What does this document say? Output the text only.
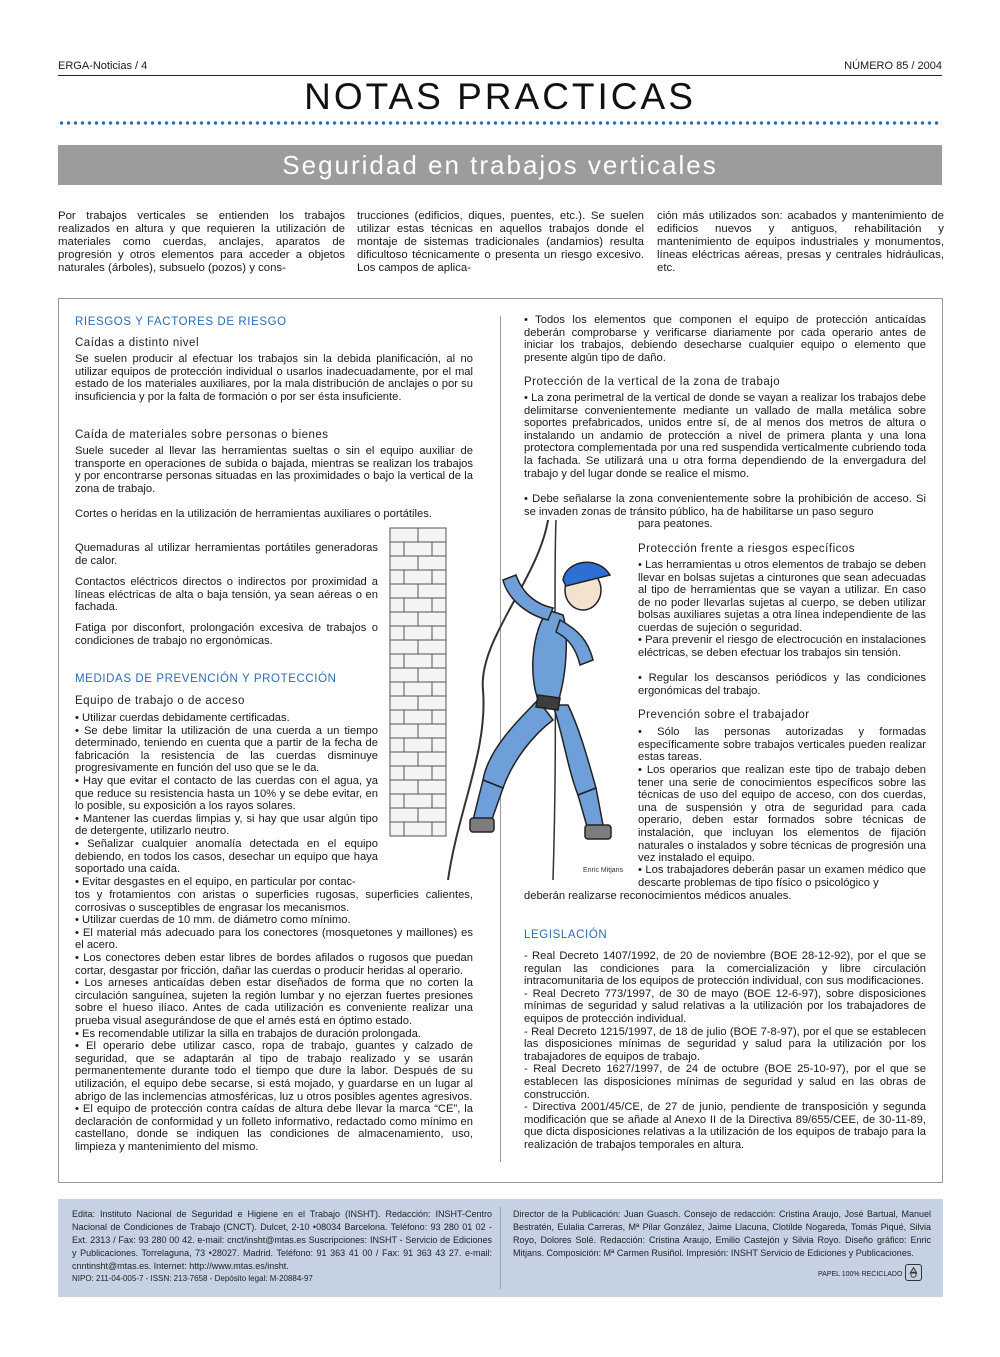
ERGA-Noticias / 4	NÚMERO 85 / 2004
NOTAS PRACTICAS
Seguridad en trabajos verticales
Por trabajos verticales se entienden los trabajos realizados en altura y que requieren la utilización de materiales como cuerdas, anclajes, aparatos de progresión y otros elementos para acceder a objetos naturales (árboles), subsuelo (pozos) y cons-
trucciones (edificios, diques, puentes, etc.). Se suelen utilizar estas técnicas en aquellos trabajos donde el montaje de sistemas tradicionales (andamios) resulta dificultoso técnicamente o presenta un riesgo excesivo. Los campos de aplica-
ción más utilizados son: acabados y mantenimiento de edificios nuevos y antiguos, rehabilitación y mantenimiento de equipos industriales y monumentos, líneas eléctricas aéreas, presas y centrales hidráulicas, etc.
RIESGOS Y FACTORES DE RIESGO
Caídas a distinto nivel
Se suelen producir al efectuar los trabajos sin la debida planificación, al no utilizar equipos de protección individual o usarlos inadecuadamente, por el mal estado de los materiales auxiliares, por la mala distribución de anclajes o por su insuficiencia y por la falta de formación o por ser ésta insuficiente.
Caída de materiales sobre personas o bienes
Suele suceder al llevar las herramientas sueltas o sin el equipo auxiliar de transporte en operaciones de subida o bajada, mientras se realizan los trabajos y por encontrarse personas situadas en las proximidades o bajo la vertical de la zona de trabajo.
Cortes o heridas en la utilización de herramientas auxiliares o portátiles.
Quemaduras al utilizar herramientas portátiles generadoras de calor.
Contactos eléctricos directos o indirectos por proximidad a líneas eléctricas de alta o baja tensión, ya sean aéreas o en fachada.
Fatiga por disconfort, prolongación excesiva de trabajos o condiciones de trabajo no ergonómicas.
MEDIDAS DE PREVENCIÓN Y PROTECCIÓN
Equipo de trabajo o de acceso

• Utilizar cuerdas debidamente certificadas.

• Se debe limitar la utilización de una cuerda a un tiempo determinado, teniendo en cuenta que a partir de la fecha de fabricación la resistencia de las cuerdas disminuye progresivamente en función del uso que se le da.

• Hay que evitar el contacto de las cuerdas con el agua, ya que reduce su resistencia hasta un 10% y se debe evitar, en lo posible, su exposición a los rayos solares.

• Mantener las cuerdas limpias y, si hay que usar algún tipo de detergente, utilizarlo neutro.

• Señalizar cualquier anomalía detectada en el equipo debiendo, en todos los casos, desechar un equipo que haya soportado una caída.

• Evitar desgastes en el equipo, en particular por contac-

tos y frotamientos con aristas o superficies rugosas, superficies calientes, corrosivas o susceptibles de engrasar los mecanismos.

• Utilizar cuerdas de 10 mm. de diámetro como mínimo.

• El material más adecuado para los conectores (mosquetones y maillones) es el acero.

• Los conectores deben estar libres de bordes afilados o rugosos que puedan cortar, desgastar por fricción, dañar las cuerdas o producir heridas al operario.

• Los arneses anticaídas deben estar diseñados de forma que no corten la circulación sanguínea, sujeten la región lumbar y no ejerzan fuertes presiones sobre el hueso ilíaco. Antes de cada utilización es conveniente realizar una prueba visual asegurándose de que el arnés está en óptimo estado.

• Es recomendable utilizar la silla en trabajos de duración prolongada.

• El operario debe utilizar casco, ropa de trabajo, guantes y calzado de seguridad, que se adaptarán al tipo de trabajo realizado y se usarán permanentemente durante todo el tiempo que dure la labor. Después de su utilización, el equipo debe secarse, si está mojado, y guardarse en un lugar al abrigo de las inclemencias atmosféricas, luz u otros posibles agentes agresivos.

• El equipo de protección contra caídas de altura debe llevar la marca “CE”, la declaración de conformidad y un folleto informativo, redactado como mínimo en castellano, donde se indiquen las condiciones de almacenamiento, uso, limpieza y mantenimiento del mismo.

Enric Mitjans
• Todos los elementos que componen el equipo de protección anticaídas deberán comprobarse y verificarse diariamente por cada operario antes de iniciar los trabajos, debiendo desecharse cualquier equipo o elemento que presente algún tipo de daño.
Protección de la vertical de la zona de trabajo
• La zona perimetral de la vertical de donde se vayan a realizar los trabajos debe delimitarse convenientemente mediante un vallado de malla metálica sobre soportes prefabricados, unidos entre sí, de al menos dos metros de altura o instalando un andamio de protección a nivel de primera planta y una lona protectora complementada por una red suspendida verticalmente cubriendo toda la fachada. Se utilizará una u otra forma dependiendo de la envergadura del trabajo y del lugar donde se realice el mismo.
• Debe señalarse la zona convenientemente sobre la prohibición de acceso. Si se invaden zonas de tránsito público, ha de habilitarse un paso seguro
para peatones.
Protección frente a riesgos específicos
• Las herramientas u otros elementos de trabajo se deben llevar en bolsas sujetas a cinturones que sean adecuadas al tipo de herramientas que se vayan a utilizar. En caso de no poder llevarlas sujetas al cuerpo, se deben utilizar bolsas auxiliares sujetas a otra línea independiente de las cuerdas de sujeción o seguridad.
• Para prevenir el riesgo de electrocución en instalaciones eléctricas, se deben efectuar los trabajos sin tensión.
• Regular los descansos periódicos y las condiciones ergonómicas del trabajo.
Prevención sobre el trabajador
• Sólo las personas autorizadas y formadas específicamente sobre trabajos verticales pueden realizar estas tareas.
• Los operarios que realizan este tipo de trabajo deben tener una serie de conocimientos específicos sobre las técnicas de uso del equipo de acceso, con dos cuerdas, una de suspensión y otra de seguridad para cada operario, deben estar formados sobre técnicas de instalación, que incluyan los elementos de fijación naturales o instalados y sobre técnicas de progresión una vez instalado el equipo.
• Los trabajadores deberán pasar un examen médico que descarte problemas de tipo físico o psicológico y
deberán realizarse reconocimientos médicos anuales.
LEGISLACIÓN

- Real Decreto 1407/1992, de 20 de noviembre (BOE 28-12-92), por el que se regulan las condiciones para la comercialización y libre circulación intracomunitaria de los equipos de protección individual, con sus modificaciones.

- Real Decreto 773/1997, de 30 de mayo (BOE 12-6-97), sobre disposiciones mínimas de seguridad y salud relativas a la utilización por los trabajadores de equipos de protección individual.

- Real Decreto 1215/1997, de 18 de julio (BOE 7-8-97), por el que se establecen las disposiciones mínimas de seguridad y salud para la utilización por los trabajadores de equipos de trabajo.

- Real Decreto 1627/1997, de 24 de octubre (BOE 25-10-97), por el que se establecen las disposiciones mínimas de seguridad y salud en las obras de construcción.

- Directiva 2001/45/CE, de 27 de junio, pendiente de transposición y segunda modificación que se añade al Anexo II de la Directiva 89/655/CEE, de 30-11-89, que dicta disposiciones relativas a la utilización de los equipos de trabajo para la realización de trabajos temporales en altura.

Edita: Instituto Nacional de Seguridad e Higiene en el Trabajo (INSHT). Redacción: INSHT-Centro Nacional de Condiciones de Trabajo (CNCT). Dulcet, 2-10 •08034 Barcelona. Teléfono: 93 280 01 02 - Ext. 2313 / Fax: 93 280 00 42. e-mail: cnct/insht@mtas.es Suscripciones: INSHT - Servicio de Ediciones y Publicaciones. Torrelaguna, 73 •28027. Madrid. Teléfono: 91 363 41 00 / Fax: 91 363 43 27. e-mail: cnntinsht@mtas.es. Internet: http://www.mtas.es/insht.
Director de la Publicación: Juan Guasch. Consejo de redacción: Cristina Araujo, José Bartual, Manuel Bestratén, Eulalia Carreras, Mª Pilar González, Jaime Llacuna, Clotilde Nogareda, Tomás Piqué, Silvia Royo, Dolores Solé. Redacción: Cristina Araujo, Emilio Castejón y Silvia Royo. Diseño gráfico: Enric Mitjans. Composición: Mª Carmen Rusiñol. Impresión: INSHT Servicio de Ediciones y Publicaciones.
NIPO: 211-04-005-7 - ISSN: 213-7658 - Depósito legal: M-20884-97	PAPEL 100% RECICLADO
